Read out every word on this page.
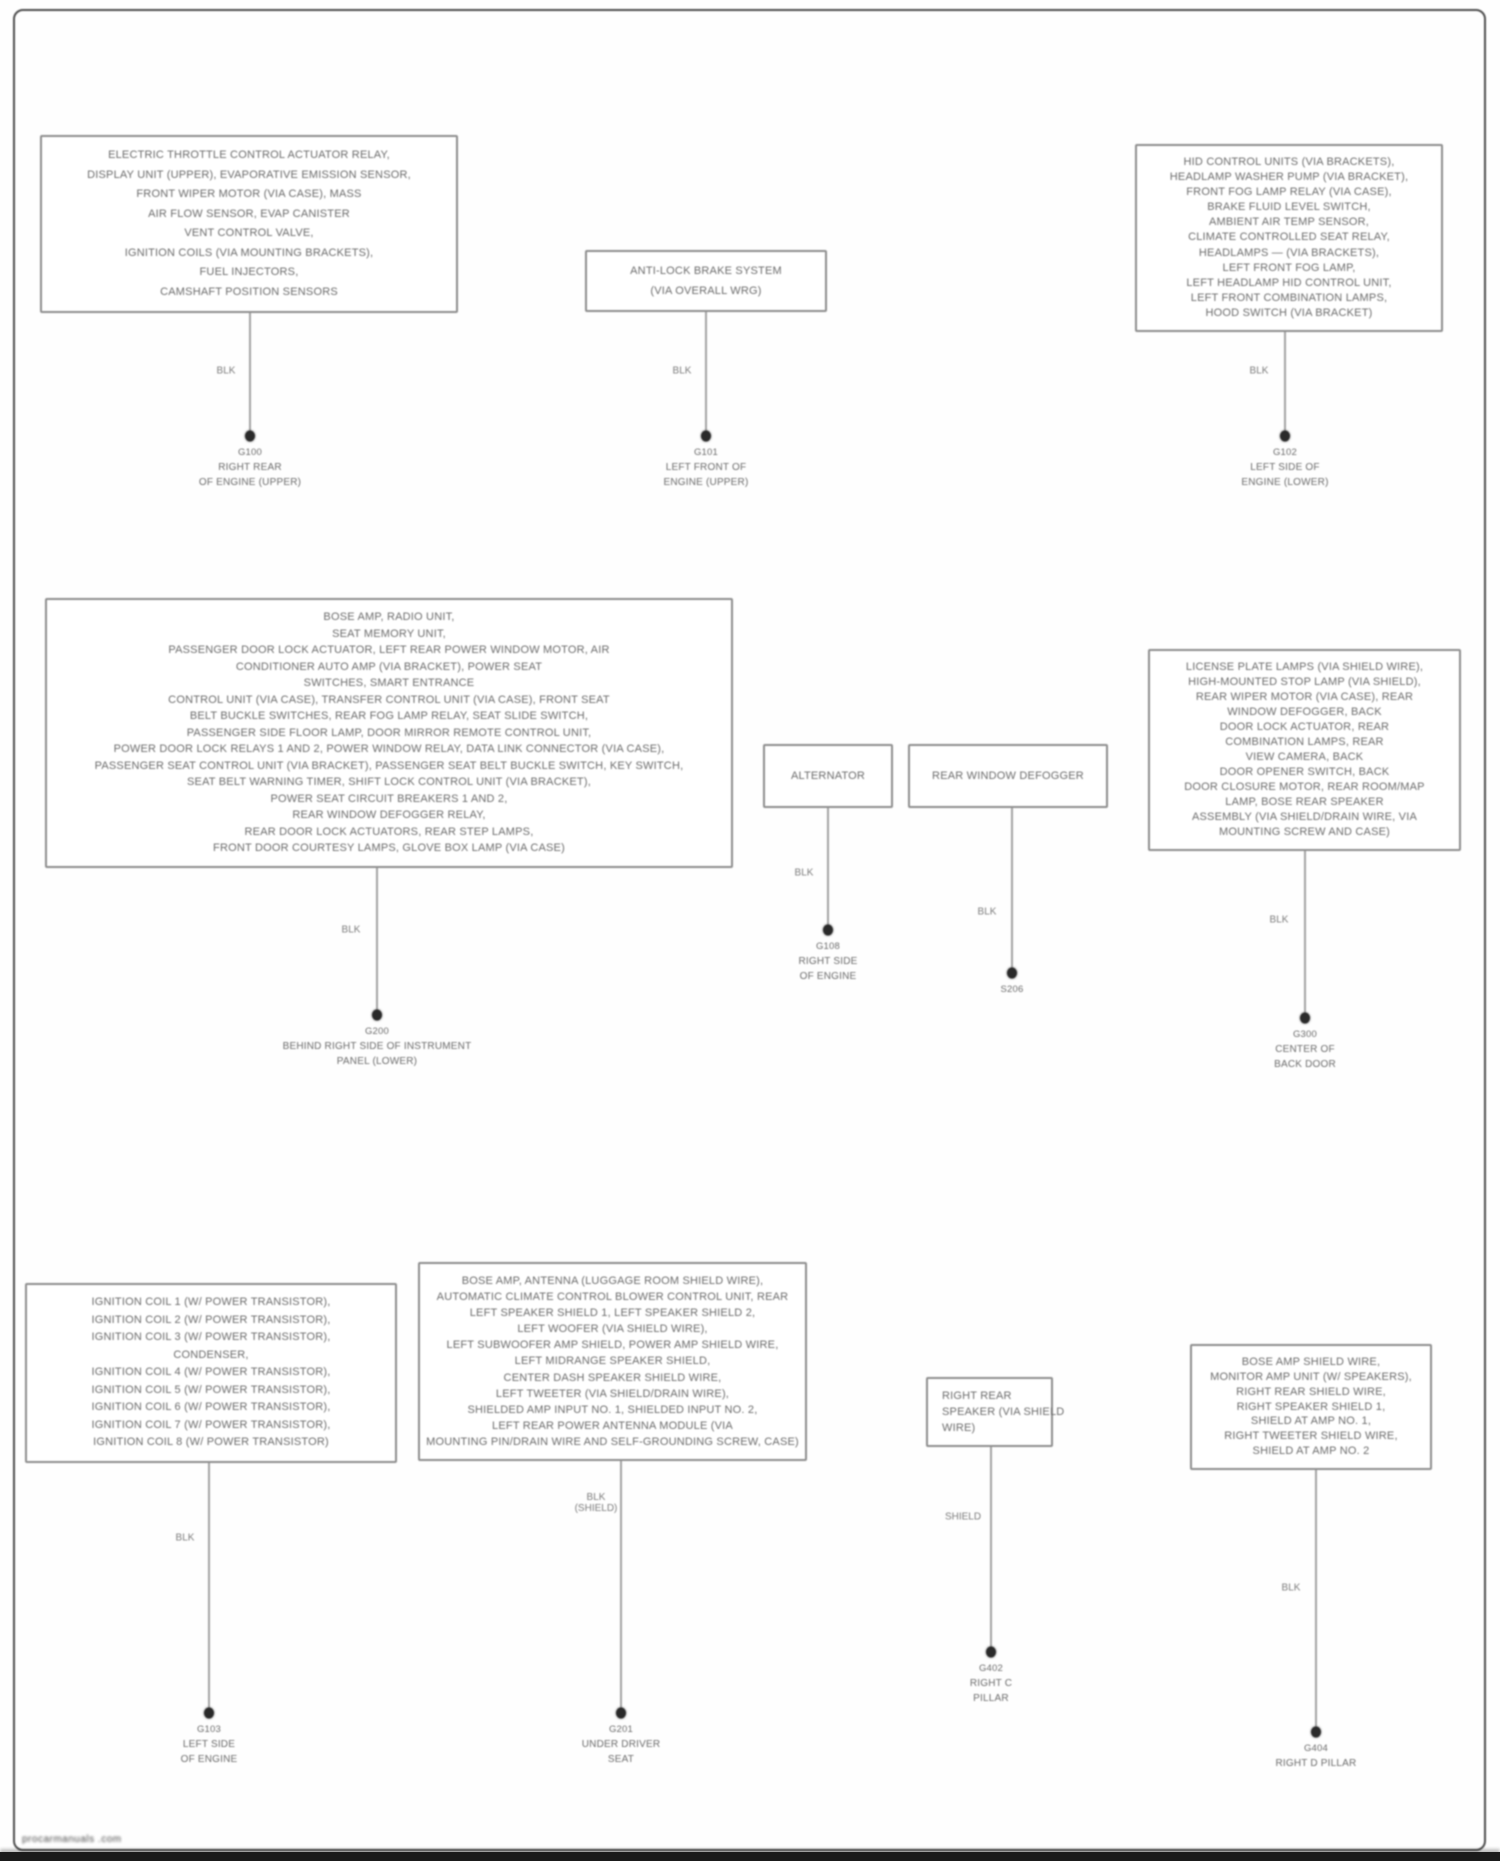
ELECTRIC THROTTLE CONTROL ACTUATOR RELAY,
DISPLAY UNIT (UPPER), EVAPORATIVE EMISSION SENSOR,
FRONT WIPER MOTOR (VIA CASE), MASS
AIR FLOW SENSOR, EVAP CANISTER
VENT CONTROL VALVE,
IGNITION COILS (VIA MOUNTING BRACKETS),
FUEL INJECTORS,
CAMSHAFT POSITION SENSORS
BLK
G100
RIGHT REAR
OF ENGINE (UPPER)
ANTI-LOCK BRAKE SYSTEM
(VIA OVERALL WRG)
BLK
G101
LEFT FRONT OF
ENGINE (UPPER)
HID CONTROL UNITS (VIA BRACKETS),
HEADLAMP WASHER PUMP (VIA BRACKET),
FRONT FOG LAMP RELAY (VIA CASE),
BRAKE FLUID LEVEL SWITCH,
AMBIENT AIR TEMP SENSOR,
CLIMATE CONTROLLED SEAT RELAY,
HEADLAMPS — (VIA BRACKETS),
LEFT FRONT FOG LAMP,
LEFT HEADLAMP HID CONTROL UNIT,
LEFT FRONT COMBINATION LAMPS,
HOOD SWITCH (VIA BRACKET)
BLK
G102
LEFT SIDE OF
ENGINE (LOWER)
BOSE AMP, RADIO UNIT,
SEAT MEMORY UNIT,
PASSENGER DOOR LOCK ACTUATOR, LEFT REAR POWER WINDOW MOTOR, AIR
CONDITIONER AUTO AMP (VIA BRACKET), POWER SEAT
SWITCHES, SMART ENTRANCE
CONTROL UNIT (VIA CASE), TRANSFER CONTROL UNIT (VIA CASE), FRONT SEAT
BELT BUCKLE SWITCHES, REAR FOG LAMP RELAY, SEAT SLIDE SWITCH,
PASSENGER SIDE FLOOR LAMP, DOOR MIRROR REMOTE CONTROL UNIT,
POWER DOOR LOCK RELAYS 1 AND 2, POWER WINDOW RELAY, DATA LINK CONNECTOR (VIA CASE),
PASSENGER SEAT CONTROL UNIT (VIA BRACKET), PASSENGER SEAT BELT BUCKLE SWITCH, KEY SWITCH,
SEAT BELT WARNING TIMER, SHIFT LOCK CONTROL UNIT (VIA BRACKET),
POWER SEAT CIRCUIT BREAKERS 1 AND 2,
REAR WINDOW DEFOGGER RELAY,
REAR DOOR LOCK ACTUATORS, REAR STEP LAMPS,
FRONT DOOR COURTESY LAMPS, GLOVE BOX LAMP (VIA CASE)
BLK
G200
BEHIND RIGHT SIDE OF INSTRUMENT
PANEL (LOWER)
ALTERNATOR
BLK
G108
RIGHT SIDE
OF ENGINE
REAR WINDOW DEFOGGER
BLK
S206
LICENSE PLATE LAMPS (VIA SHIELD WIRE),
HIGH-MOUNTED STOP LAMP (VIA SHIELD),
REAR WIPER MOTOR (VIA CASE), REAR
WINDOW DEFOGGER, BACK
DOOR LOCK ACTUATOR, REAR
COMBINATION LAMPS, REAR
VIEW CAMERA, BACK
DOOR OPENER SWITCH, BACK
DOOR CLOSURE MOTOR, REAR ROOM/MAP
LAMP, BOSE REAR SPEAKER
ASSEMBLY (VIA SHIELD/DRAIN WIRE, VIA
MOUNTING SCREW AND CASE)
BLK
G300
CENTER OF
BACK DOOR
IGNITION COIL 1 (W/ POWER TRANSISTOR),
IGNITION COIL 2 (W/ POWER TRANSISTOR),
IGNITION COIL 3 (W/ POWER TRANSISTOR),
CONDENSER,
IGNITION COIL 4 (W/ POWER TRANSISTOR),
IGNITION COIL 5 (W/ POWER TRANSISTOR),
IGNITION COIL 6 (W/ POWER TRANSISTOR),
IGNITION COIL 7 (W/ POWER TRANSISTOR),
IGNITION COIL 8 (W/ POWER TRANSISTOR)
BLK
G103
LEFT SIDE
OF ENGINE
BOSE AMP, ANTENNA (LUGGAGE ROOM SHIELD WIRE),
AUTOMATIC CLIMATE CONTROL BLOWER CONTROL UNIT, REAR
LEFT SPEAKER SHIELD 1, LEFT SPEAKER SHIELD 2,
LEFT WOOFER (VIA SHIELD WIRE),
LEFT SUBWOOFER AMP SHIELD, POWER AMP SHIELD WIRE,
LEFT MIDRANGE SPEAKER SHIELD,
CENTER DASH SPEAKER SHIELD WIRE,
LEFT TWEETER (VIA SHIELD/DRAIN WIRE),
SHIELDED AMP INPUT NO. 1, SHIELDED INPUT NO. 2,
LEFT REAR POWER ANTENNA MODULE (VIA
MOUNTING PIN/DRAIN WIRE AND SELF-GROUNDING SCREW, CASE)
BLK
(SHIELD)
G201
UNDER DRIVER
SEAT
RIGHT REAR
SPEAKER (VIA SHIELD
WIRE)
SHIELD
G402
RIGHT C
PILLAR
BOSE AMP SHIELD WIRE,
MONITOR AMP UNIT (W/ SPEAKERS),
RIGHT REAR SHIELD WIRE,
RIGHT SPEAKER SHIELD 1,
SHIELD AT AMP NO. 1,
RIGHT TWEETER SHIELD WIRE,
SHIELD AT AMP NO. 2
BLK
G404
RIGHT D PILLAR
procarmanuals .com
